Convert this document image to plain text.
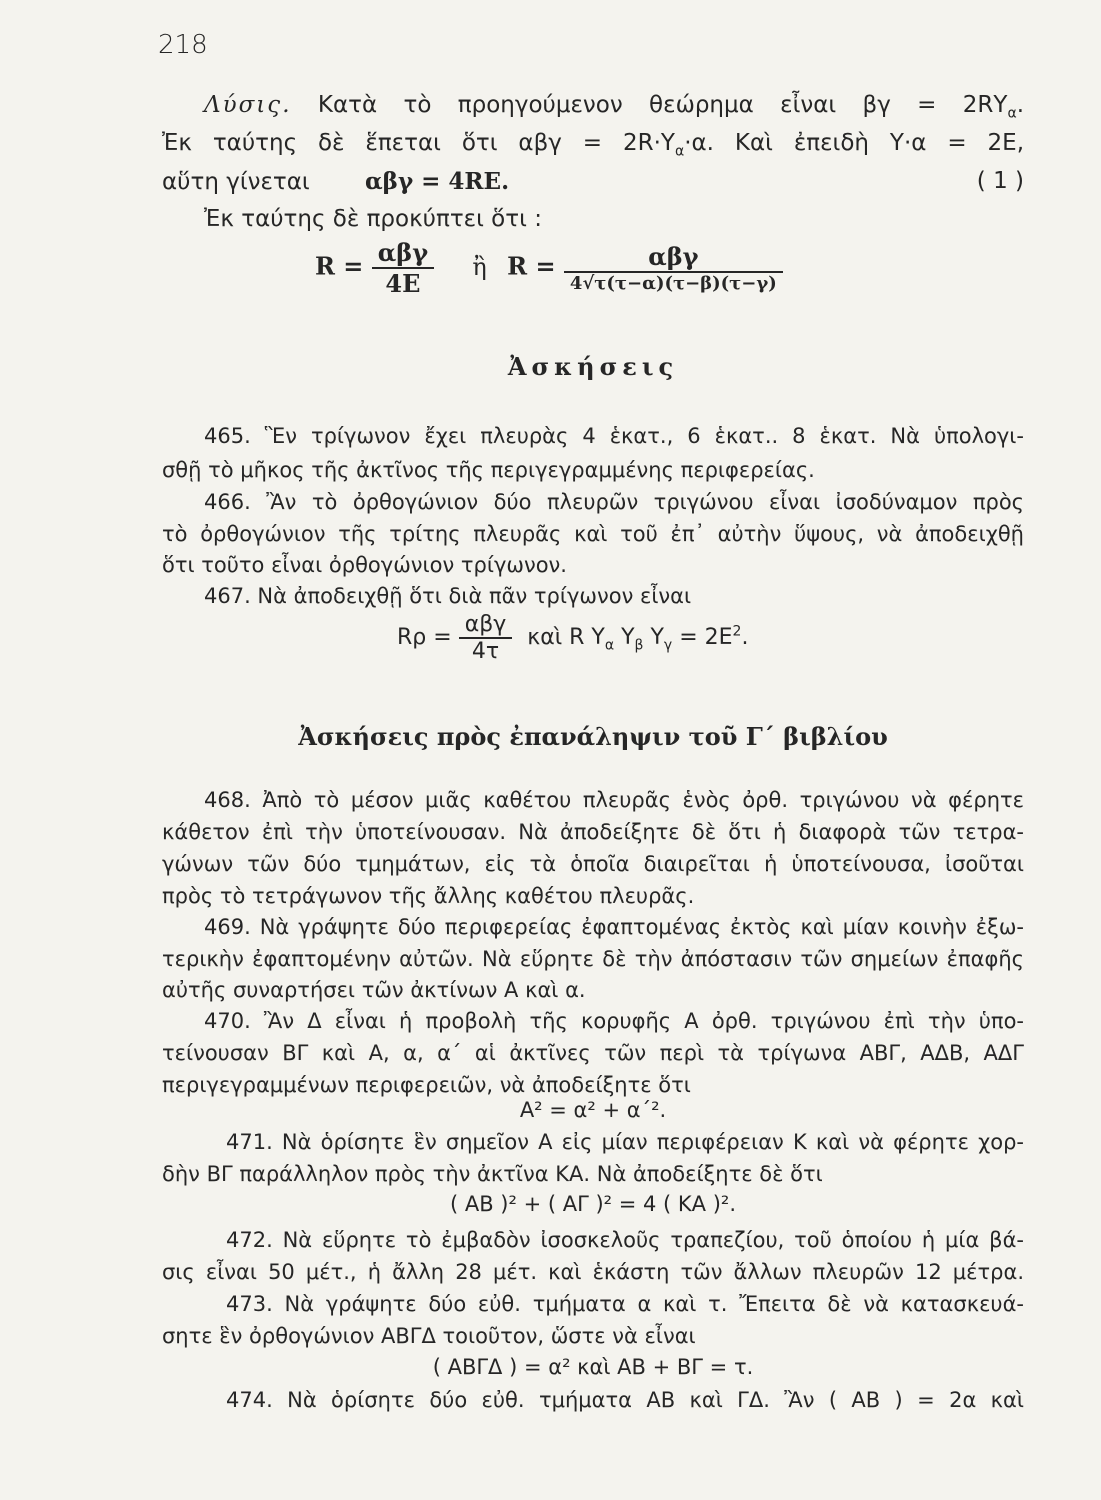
218
Λύσις. Κατὰ τὸ προηγούμενον θεώρημα εἶναι $\beta\gamma = 2R\Upsilon_\alpha$.
Ἐκ ταύτης δὲ ἕπεται ὅτι $\alpha\beta\gamma = 2R\cdot\Upsilon_\alpha\cdot\alpha$. Καὶ ἐπειδὴ Υ·α = 2Ε,
αὕτη γίνεται αβγ = 4RΕ.	( 1 )
Ἐκ ταύτης δὲ προκύπτει ὅτι :
$R = \frac{\text{αβγ}}{4E}$ ἢ $R = \frac{\text{αβγ}}{4√\tau(\tau-\alpha)(\tau-\beta)(\tau-\gamma)}$
Ἀσκήσεις
465. Ἓν τρίγωνον ἔχει πλευρὰς 4 ἑκατ., 6 ἑκατ.. 8 ἑκατ. Νὰ ὑπολογι-
σθῇ τὸ μῆκος τῆς ἀκτῖνος τῆς περιγεγραμμένης περιφερείας.
466. Ἂν τὸ ὀρθογώνιον δύο πλευρῶν τριγώνου εἶναι ἰσοδύναμον πρὸς
τὸ ὀρθογώνιον τῆς τρίτης πλευρᾶς καὶ τοῦ ἐπ᾽ αὐτὴν ὕψους, νὰ ἀποδειχθῇ
ὅτι τοῦτο εἶναι ὀρθογώνιον τρίγωνον.
467. Νὰ ἀποδειχθῇ ὅτι διὰ πᾶν τρίγωνον εἶναι
$R\rho = \frac{\text{αβγ}}{4\tau}$ καὶ R $\Upsilon_\alpha$ $\Upsilon_\beta$ $\Upsilon_\gamma = 2E^2$.
Ἀσκήσεις πρὸς ἐπανάληψιν τοῦ Γ΄ βιβλίου
468. Ἀπὸ τὸ μέσον μιᾶς καθέτου πλευρᾶς ἑνὸς ὀρθ. τριγώνου νὰ φέρητε
κάθετον ἐπὶ τὴν ὑποτείνουσαν. Νὰ ἀποδείξητε δὲ ὅτι ἡ διαφορὰ τῶν τετρα-
γώνων τῶν δύο τμημάτων, εἰς τὰ ὁποῖα διαιρεῖται ἡ ὑποτείνουσα, ἰσοῦται
πρὸς τὸ τετράγωνον τῆς ἄλλης καθέτου πλευρᾶς.
469. Νὰ γράψητε δύο περιφερείας ἐφαπτομένας ἐκτὸς καὶ μίαν κοινὴν ἐξω-
τερικὴν ἐφαπτομένην αὐτῶν. Νὰ εὕρητε δὲ τὴν ἀπόστασιν τῶν σημείων ἐπαφῆς
αὐτῆς συναρτήσει τῶν ἀκτίνων Α καὶ α.
470. Ἂν Δ εἶναι ἡ προβολὴ τῆς κορυφῆς Α ὀρθ. τριγώνου ἐπὶ τὴν ὑπο-
τείνουσαν ΒΓ καὶ Α, α, α΄ αἱ ἀκτῖνες τῶν περὶ τὰ τρίγωνα ΑΒΓ, ΑΔΒ, ΑΔΓ
περιγεγραμμένων περιφερειῶν, νὰ ἀποδείξητε ὅτι
Α² = α² + α΄².
471. Νὰ ὁρίσητε ἓν σημεῖον Α εἰς μίαν περιφέρειαν Κ καὶ νὰ φέρητε χορ-
δὴν ΒΓ παράλληλον πρὸς τὴν ἀκτῖνα ΚΑ. Νὰ ἀποδείξητε δὲ ὅτι
( ΑΒ )² + ( ΑΓ )² = 4 ( ΚΑ )².
472. Νὰ εὕρητε τὸ ἐμβαδὸν ἰσοσκελοῦς τραπεζίου, τοῦ ὁποίου ἡ μία βά-
σις εἶναι 50 μέτ., ἡ ἄλλη 28 μέτ. καὶ ἑκάστη τῶν ἄλλων πλευρῶν 12 μέτρα.
473. Νὰ γράψητε δύο εὐθ. τμήματα α καὶ τ. Ἔπειτα δὲ νὰ κατασκευά-
σητε ἓν ὀρθογώνιον ΑΒΓΔ τοιοῦτον, ὥστε νὰ εἶναι
( ΑΒΓΔ ) = α² καὶ ΑΒ + ΒΓ = τ.
474. Νὰ ὁρίσητε δύο εὐθ. τμήματα ΑΒ καὶ ΓΔ. Ἂν ( ΑΒ ) = 2α καὶ
